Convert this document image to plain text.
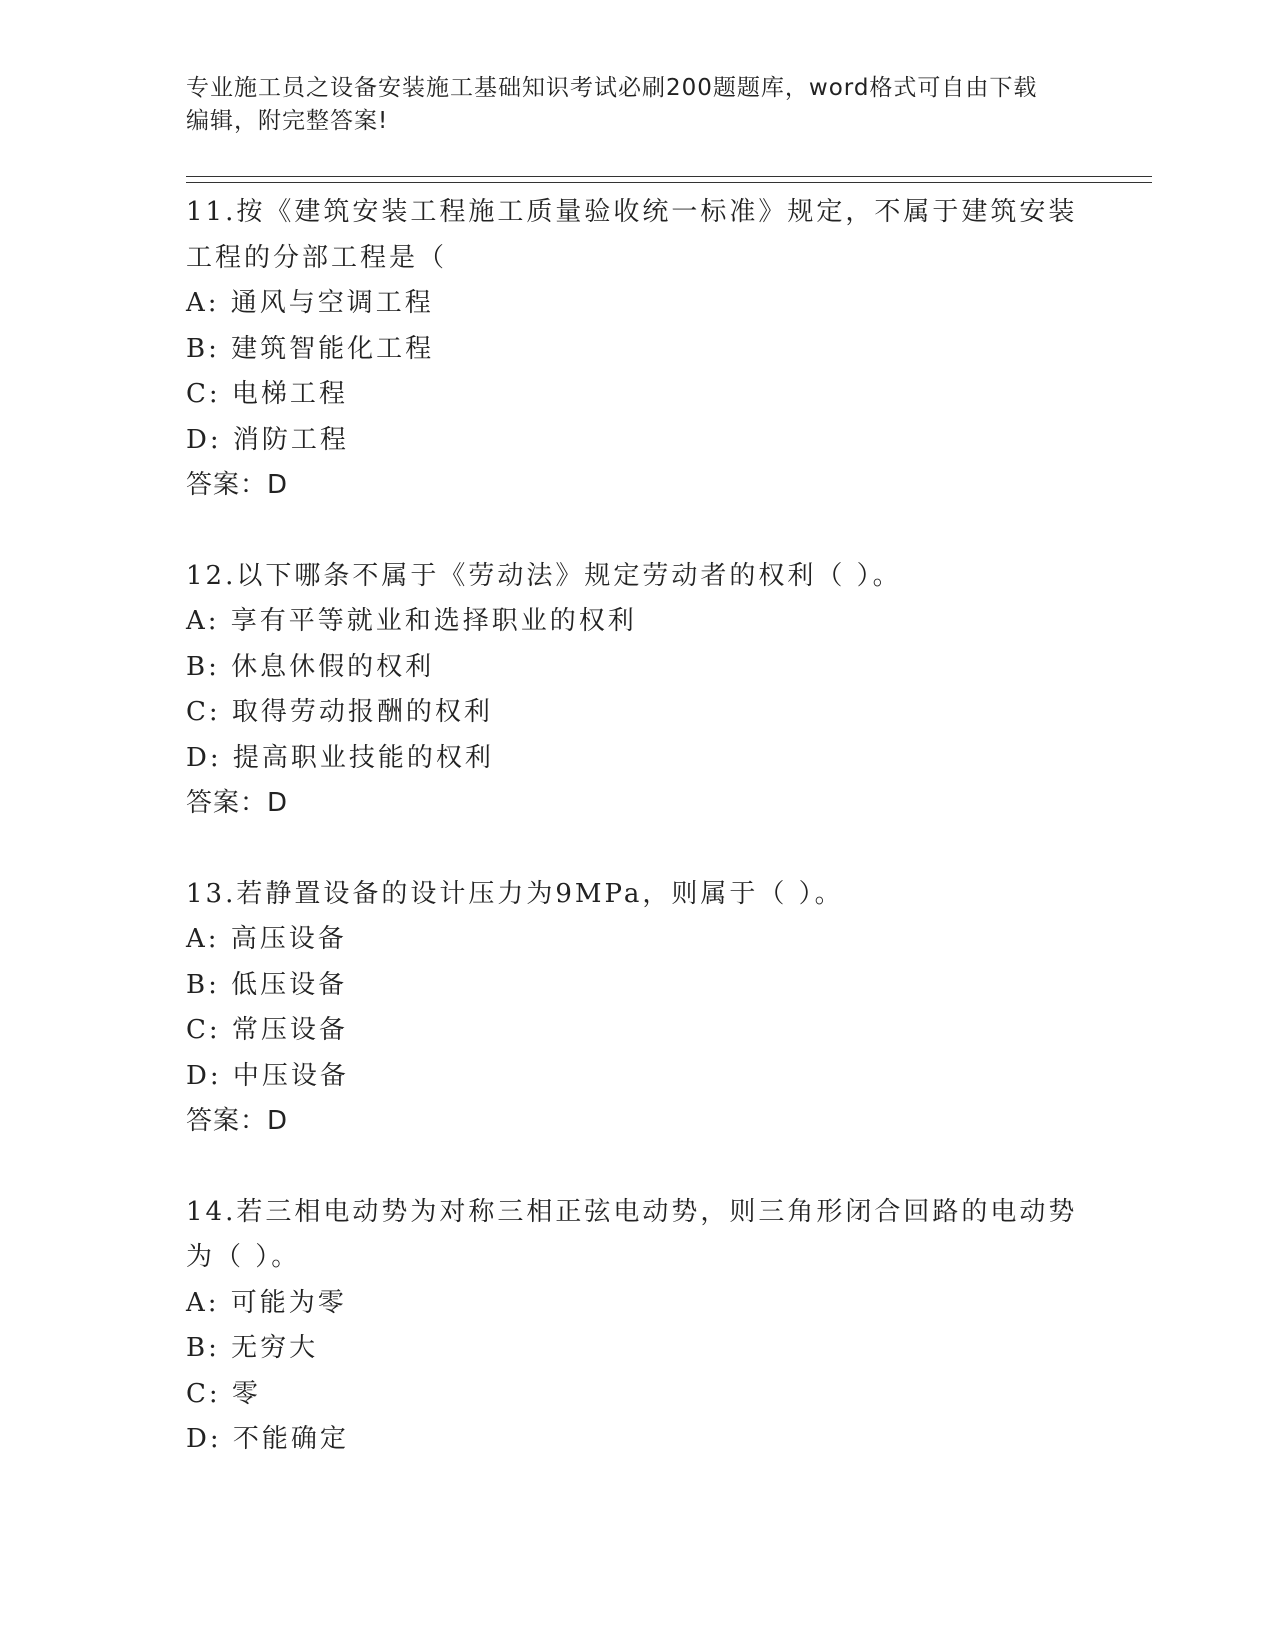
专业施工员之设备安装施工基础知识考试必刷200题题库，word格式可自由下载
编辑，附完整答案!
11.按《建筑安装工程施工质量验收统一标准》规定，不属于建筑安装
工程的分部工程是（
A: 通风与空调工程
B: 建筑智能化工程
C: 电梯工程
D: 消防工程
答案：D
12.以下哪条不属于《劳动法》规定劳动者的权利（ ）。
A: 享有平等就业和选择职业的权利
B: 休息休假的权利
C: 取得劳动报酬的权利
D: 提高职业技能的权利
答案：D
13.若静置设备的设计压力为9MPa，则属于（ ）。
A: 高压设备
B: 低压设备
C: 常压设备
D: 中压设备
答案：D
14.若三相电动势为对称三相正弦电动势，则三角形闭合回路的电动势
为（ ）。
A: 可能为零
B: 无穷大
C: 零
D: 不能确定
